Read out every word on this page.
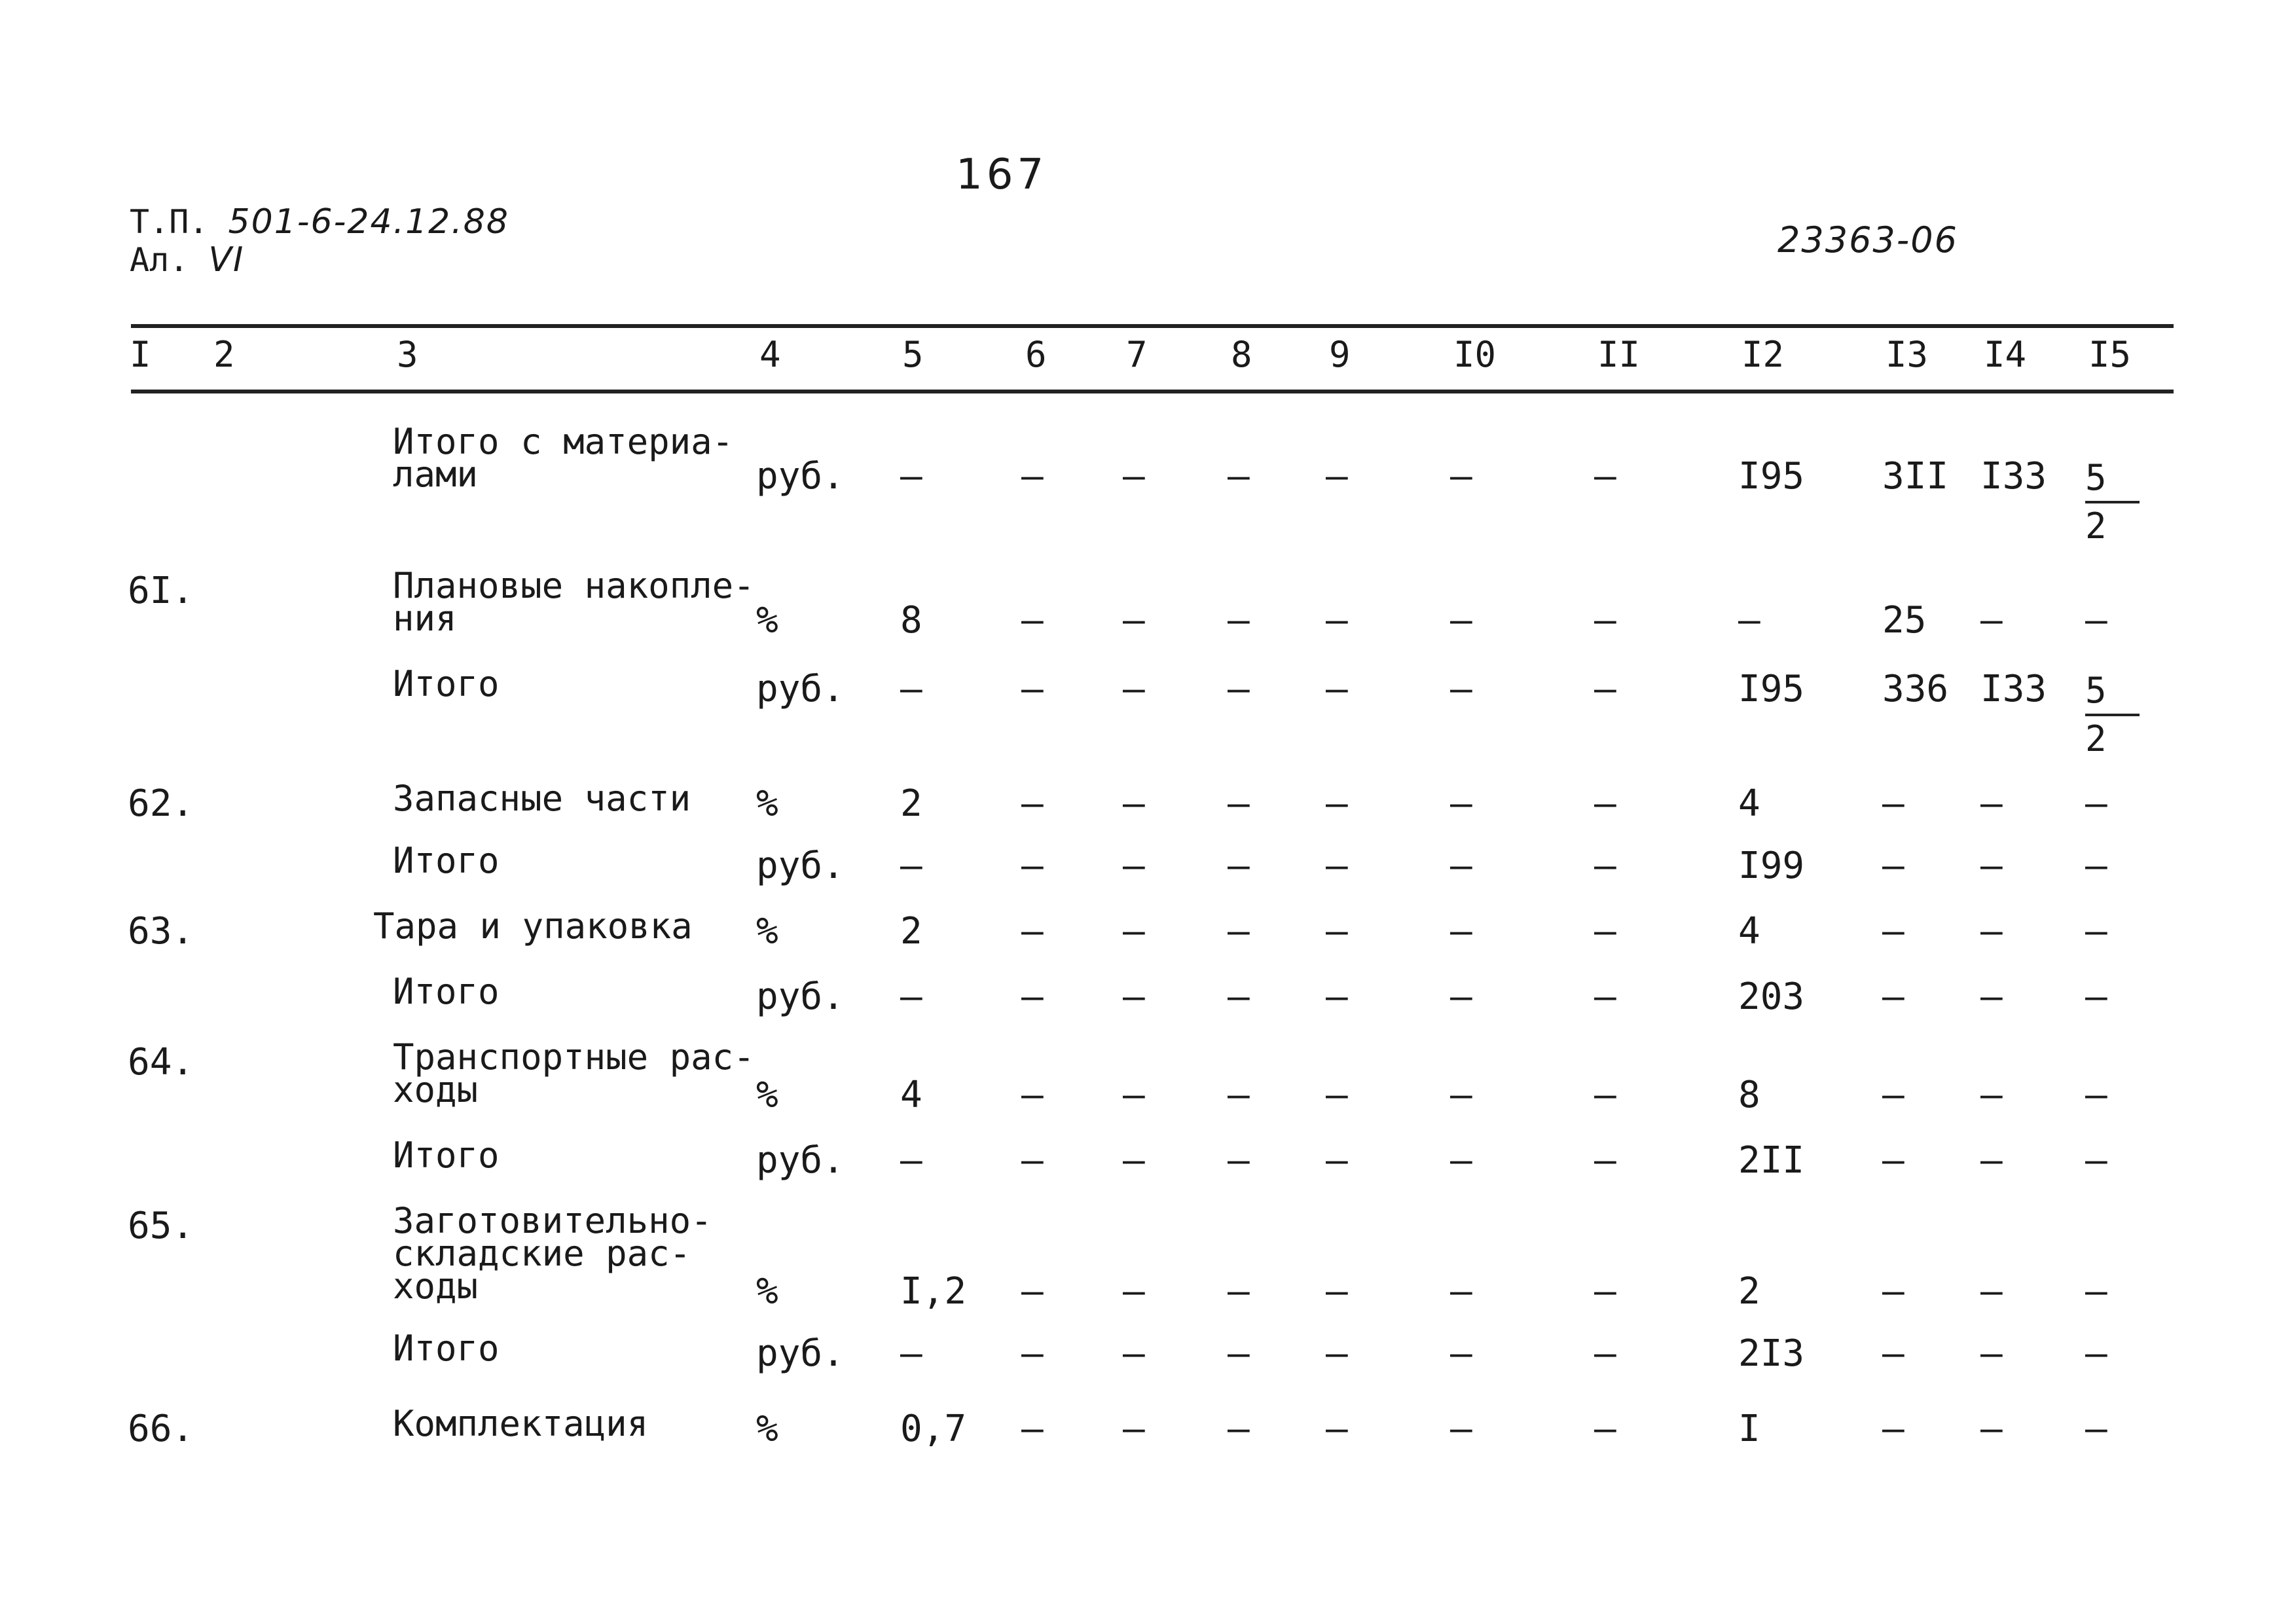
167
Т.П. 501-6-24.12.88
Ал. VI	23363-06
I 2	3	4	5	6 7 8 9	I0	II	I2	I3 I4 I5
Итого с материа-
лами	руб. –	– – – –	–	–	I95 3II $I33 \frac{5}{2}$
6I.	Плановые накопле-
ния	%	8	– – – –	–	–	–	25 – –
Итого	руб. –	– – – –	–	–	I95 336 $I33 \frac{5}{2}$
62.	Запасные части %	2	– – – –	–	–	4	– – –
Итого	руб. –	– – – –	–	–	I99 – – –
63.	Тара и упаковка %	2	– – – –	–	–	4	– – –
Итого	руб. –	– – – –	–	–	203 – – –
64.	Транспортные рас-
ходы	%	4	– – – –	–	–	8	– – –
Итого	руб. –	– – – –	–	–	2II – – –
65.	Заготовительно-
складские рас-
ходы	%	I,2 – – – –	–	–	2	– – –
Итого	руб. –	– – – –	–	–	2I3 – – –
66.	Комплектация	%	0,7 – – – –	–	–	I	– – –
